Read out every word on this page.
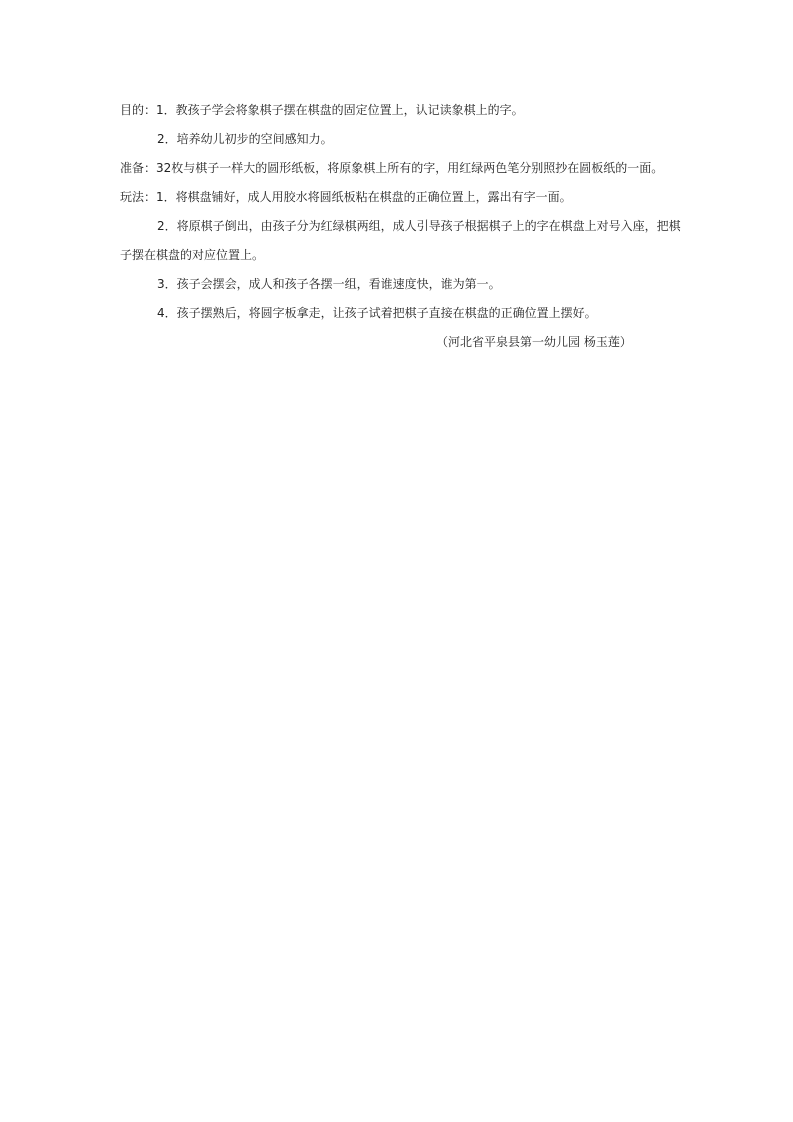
目的：1．教孩子学会将象棋子摆在棋盘的固定位置上，认记读象棋上的字。
2．培养幼儿初步的空间感知力。
准备：32枚与棋子一样大的圆形纸板，将原象棋上所有的字，用红绿两色笔分别照抄在圆板纸的一面。
玩法：1．将棋盘铺好，成人用胶水将圆纸板粘在棋盘的正确位置上，露出有字一面。
2．将原棋子倒出，由孩子分为红绿棋两组，成人引导孩子根据棋子上的字在棋盘上对号入座，把棋
子摆在棋盘的对应位置上。
3．孩子会摆会，成人和孩子各摆一组，看谁速度快，谁为第一。
4．孩子摆熟后，将圆字板拿走，让孩子试着把棋子直接在棋盘的正确位置上摆好。
（河北省平泉县第一幼儿园 杨玉莲）
